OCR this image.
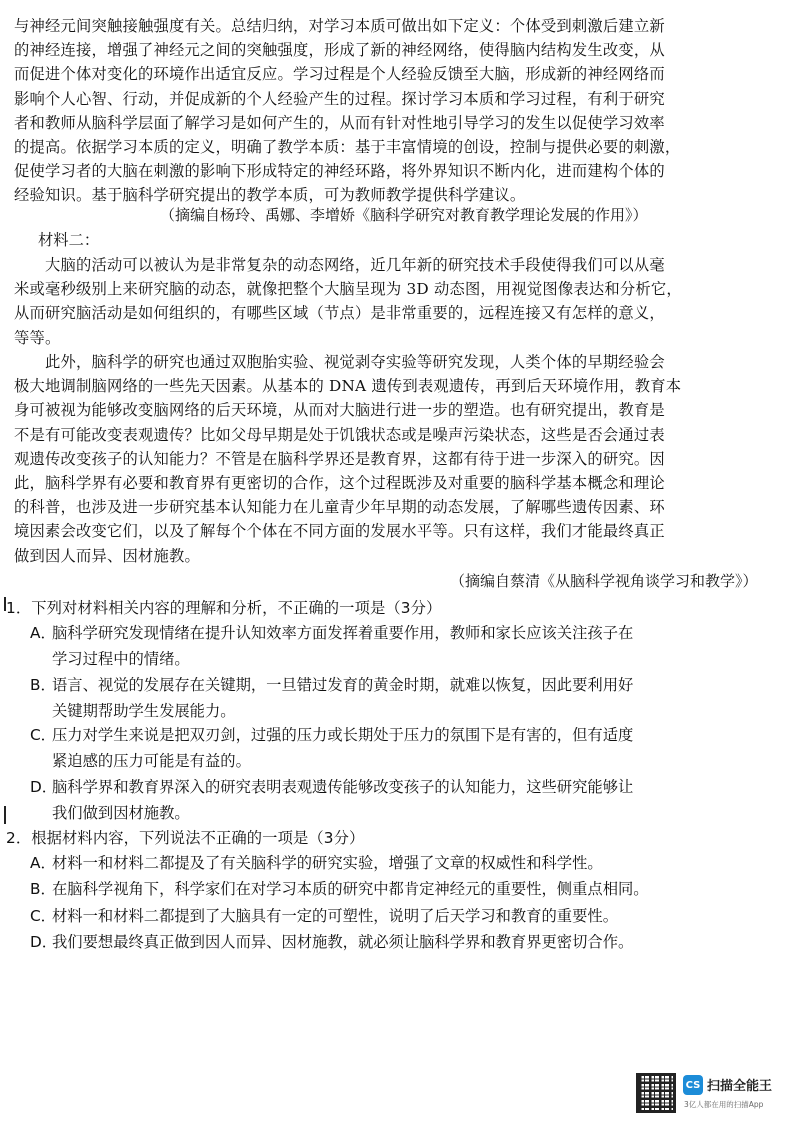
与神经元间突触接触强度有关。总结归纳，对学习本质可做出如下定义：个体受到刺激后建立新
的神经连接，增强了神经元之间的突触强度，形成了新的神经网络，使得脑内结构发生改变，从
而促进个体对变化的环境作出适宜反应。学习过程是个人经验反馈至大脑，形成新的神经网络而
影响个人心智、行动，并促成新的个人经验产生的过程。探讨学习本质和学习过程，有利于研究
者和教师从脑科学层面了解学习是如何产生的，从而有针对性地引导学习的发生以促使学习效率
的提高。依据学习本质的定义，明确了教学本质：基于丰富情境的创设，控制与提供必要的刺激，
促使学习者的大脑在刺激的影响下形成特定的神经环路，将外界知识不断内化，进而建构个体的
经验知识。基于脑科学研究提出的教学本质，可为教师教学提供科学建议。
（摘编自杨玲、禹娜、李增娇《脑科学研究对教育教学理论发展的作用》）
材料二：
　　大脑的活动可以被认为是非常复杂的动态网络，近几年新的研究技术手段使得我们可以从毫
米或毫秒级别上来研究脑的动态，就像把整个大脑呈现为 3D 动态图，用视觉图像表达和分析它，
从而研究脑活动是如何组织的，有哪些区域（节点）是非常重要的，远程连接又有怎样的意义，
等等。
　　此外，脑科学的研究也通过双胞胎实验、视觉剥夺实验等研究发现，人类个体的早期经验会
极大地调制脑网络的一些先天因素。从基本的 DNA 遗传到表观遗传，再到后天环境作用，教育本
身可被视为能够改变脑网络的后天环境，从而对大脑进行进一步的塑造。也有研究提出，教育是
不是有可能改变表观遗传？比如父母早期是处于饥饿状态或是噪声污染状态，这些是否会通过表
观遗传改变孩子的认知能力？不管是在脑科学界还是教育界，这都有待于进一步深入的研究。因
此，脑科学界有必要和教育界有更密切的合作，这个过程既涉及对重要的脑科学基本概念和理论
的科普，也涉及进一步研究基本认知能力在儿童青少年早期的动态发展，了解哪些遗传因素、环
境因素会改变它们，以及了解每个个体在不同方面的发展水平等。只有这样，我们才能最终真正
做到因人而异、因材施教。
（摘编自蔡清《从脑科学视角谈学习和教学》）
1．下列对材料相关内容的理解和分析，不正确的一项是（3分）
A．
脑科学研究发现情绪在提升认知效率方面发挥着重要作用，教师和家长应该关注孩子在
学习过程中的情绪。
B．
语言、视觉的发展存在关键期，一旦错过发育的黄金时期，就难以恢复，因此要利用好
关键期帮助学生发展能力。
C．
压力对学生来说是把双刃剑，过强的压力或长期处于压力的氛围下是有害的，但有适度
紧迫感的压力可能是有益的。
D．
脑科学界和教育界深入的研究表明表观遗传能够改变孩子的认知能力，这些研究能够让
我们做到因材施教。
2．根据材料内容，下列说法不正确的一项是（3分）
A．
材料一和材料二都提及了有关脑科学的研究实验，增强了文章的权威性和科学性。
B．
在脑科学视角下，科学家们在对学习本质的研究中都肯定神经元的重要性，侧重点相同。
C．
材料一和材料二都提到了大脑具有一定的可塑性，说明了后天学习和教育的重要性。
D．
我们要想最终真正做到因人而异、因材施教，就必须让脑科学界和教育界更密切合作。
CS 扫描全能王
3亿人都在用的扫描App
